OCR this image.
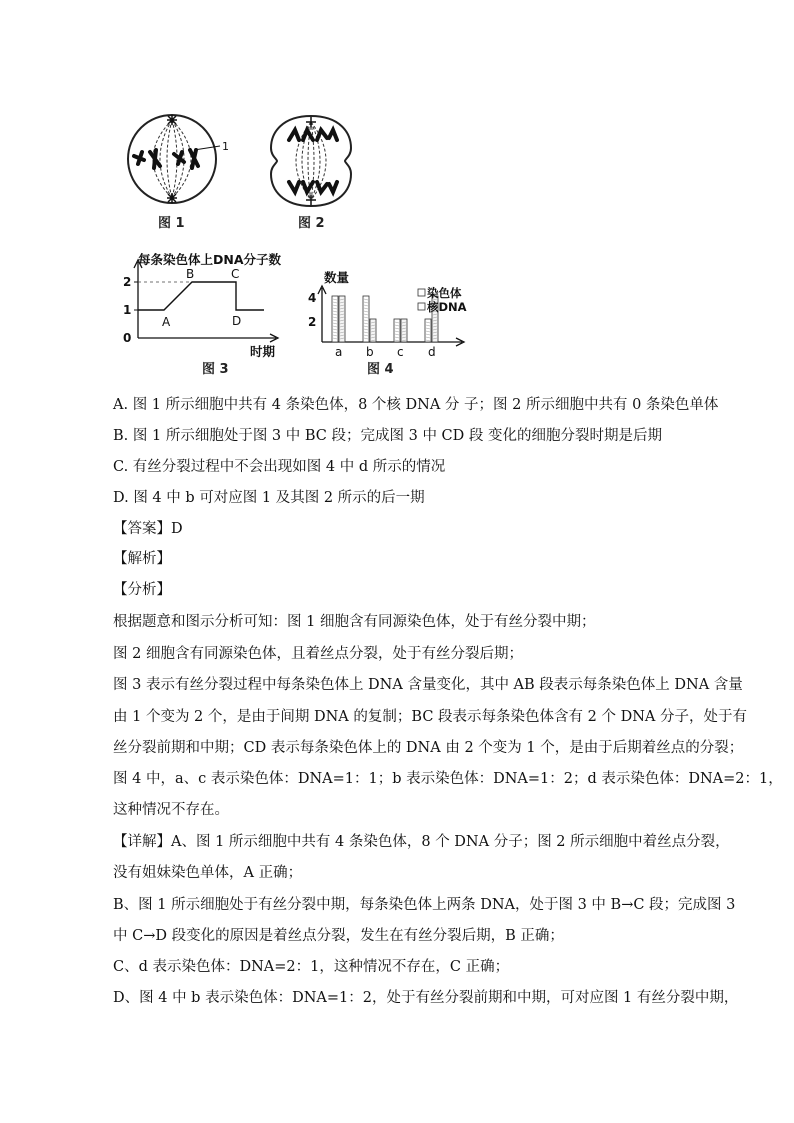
1
图 1	图 2
每条染色体上DNA分子数
2
1
0
A
B	C
D
时期
图 3
数量
4
2
a b c d
染色体
核DNA
图 4
A. 图 1 所示细胞中共有 4 条染色体，8 个核 DNA 分 子；图 2 所示细胞中共有 0 条染色单体
B. 图 1 所示细胞处于图 3 中 BC 段；完成图 3 中 CD 段 变化的细胞分裂时期是后期
C. 有丝分裂过程中不会出现如图 4 中 d 所示的情况
D. 图 4 中 b 可对应图 1 及其图 2 所示的后一期
【答案】D
【解析】
【分析】
根据题意和图示分析可知：图 1 细胞含有同源染色体，处于有丝分裂中期；
图 2 细胞含有同源染色体，且着丝点分裂，处于有丝分裂后期；
图 3 表示有丝分裂过程中每条染色体上 DNA 含量变化，其中 AB 段表示每条染色体上 DNA 含量
由 1 个变为 2 个，是由于间期 DNA 的复制；BC 段表示每条染色体含有 2 个 DNA 分子，处于有
丝分裂前期和中期；CD 表示每条染色体上的 DNA 由 2 个变为 1 个，是由于后期着丝点的分裂；
图 4 中，a、c 表示染色体：DNA=1：1；b 表示染色体：DNA=1：2；d 表示染色体：DNA=2：1，
这种情况不存在。
【详解】A、图 1 所示细胞中共有 4 条染色体，8 个 DNA 分子；图 2 所示细胞中着丝点分裂，
没有姐妹染色单体，A 正确；
B、图 1 所示细胞处于有丝分裂中期，每条染色体上两条 DNA，处于图 3 中 B→C 段；完成图 3
中 C→D 段变化的原因是着丝点分裂，发生在有丝分裂后期，B 正确；
C、d 表示染色体：DNA=2：1，这种情况不存在，C 正确；
D、图 4 中 b 表示染色体：DNA=1：2，处于有丝分裂前期和中期，可对应图 1 有丝分裂中期，
